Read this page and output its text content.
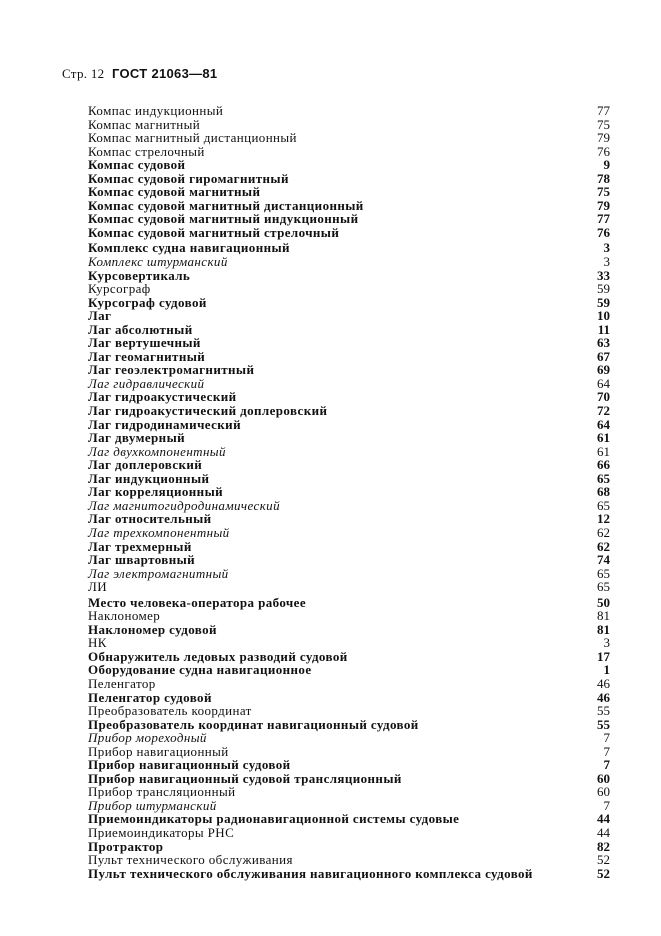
Стр. 12 ГОСТ 21063—81
Компас индукционный	77
Компас магнитный	75
Компас магнитный дистанционный	79
Компас стрелочный	76
Компас судовой	9
Компас судовой гиромагнитный	78
Компас судовой магнитный	75
Компас судовой магнитный дистанционный	79
Компас судовой магнитный индукционный	77
Компас судовой магнитный стрелочный	76
Комплекс судна навигационный	3
Комплекс штурманский	3
Курсовертикаль	33
Курсограф	59
Курсограф судовой	59
Лаг	10
Лаг абсолютный	11
Лаг вертушечный	63
Лаг геомагнитный	67
Лаг геоэлектромагнитный	69
Лаг гидравлический	64
Лаг гидроакустический	70
Лаг гидроакустический доплеровский	72
Лаг гидродинамический	64
Лаг двумерный	61
Лаг двухкомпонентный	61
Лаг доплеровский	66
Лаг индукционный	65
Лаг корреляционный	68
Лаг магнитогидродинамический	65
Лаг относительный	12
Лаг трехкомпонентный	62
Лаг трехмерный	62
Лаг швартовный	74
Лаг электромагнитный	65
ЛИ	65
Место человека-оператора рабочее	50
Наклономер	81
Наклономер судовой	81
НК	3
Обнаружитель ледовых разводий судовой	17
Оборудование судна навигационное	1
Пеленгатор	46
Пеленгатор судовой	46
Преобразователь координат	55
Преобразователь координат навигационный судовой	55
Прибор мореходный	7
Прибор навигационный	7
Прибор навигационный судовой	7
Прибор навигационный судовой трансляционный	60
Прибор трансляционный	60
Прибор штурманский	7
Приемоиндикаторы радионавигационной системы судовые	44
Приемоиндикаторы РНС	44
Протрактор	82
Пульт технического обслуживания	52
Пульт технического обслуживания навигационного комплекса судовой	52
